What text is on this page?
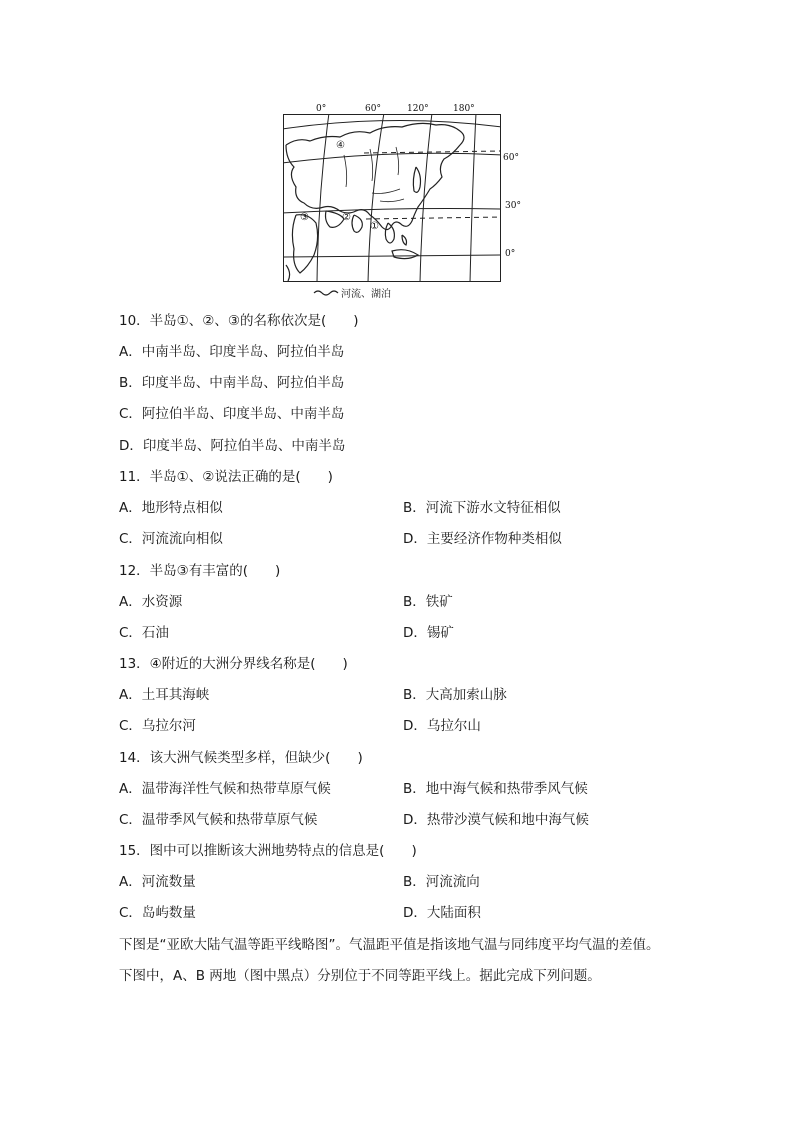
0°	60°	120°	180°
④
②
③
①
60°
30°
0°
河流、湖泊
10．半岛①、②、③的名称依次是(　　)
A．中南半岛、印度半岛、阿拉伯半岛
B．印度半岛、中南半岛、阿拉伯半岛
C．阿拉伯半岛、印度半岛、中南半岛
D．印度半岛、阿拉伯半岛、中南半岛
11．半岛①、②说法正确的是(　　)
A．地形特点相似	B．河流下游水文特征相似
C．河流流向相似	D．主要经济作物种类相似
12．半岛③有丰富的(　　)
A．水资源	B．铁矿
C．石油	D．锡矿
13．④附近的大洲分界线名称是(　　)
A．土耳其海峡	B．大高加索山脉
C．乌拉尔河	D．乌拉尔山
14．该大洲气候类型多样，但缺少(　　)
A．温带海洋性气候和热带草原气候	B．地中海气候和热带季风气候
C．温带季风气候和热带草原气候	D．热带沙漠气候和地中海气候
15．图中可以推断该大洲地势特点的信息是(　　)
A．河流数量	B．河流流向
C．岛屿数量	D．大陆面积
下图是“亚欧大陆气温等距平线略图”。气温距平值是指该地气温与同纬度平均气温的差值。
下图中，A、B 两地（图中黑点）分别位于不同等距平线上。据此完成下列问题。
